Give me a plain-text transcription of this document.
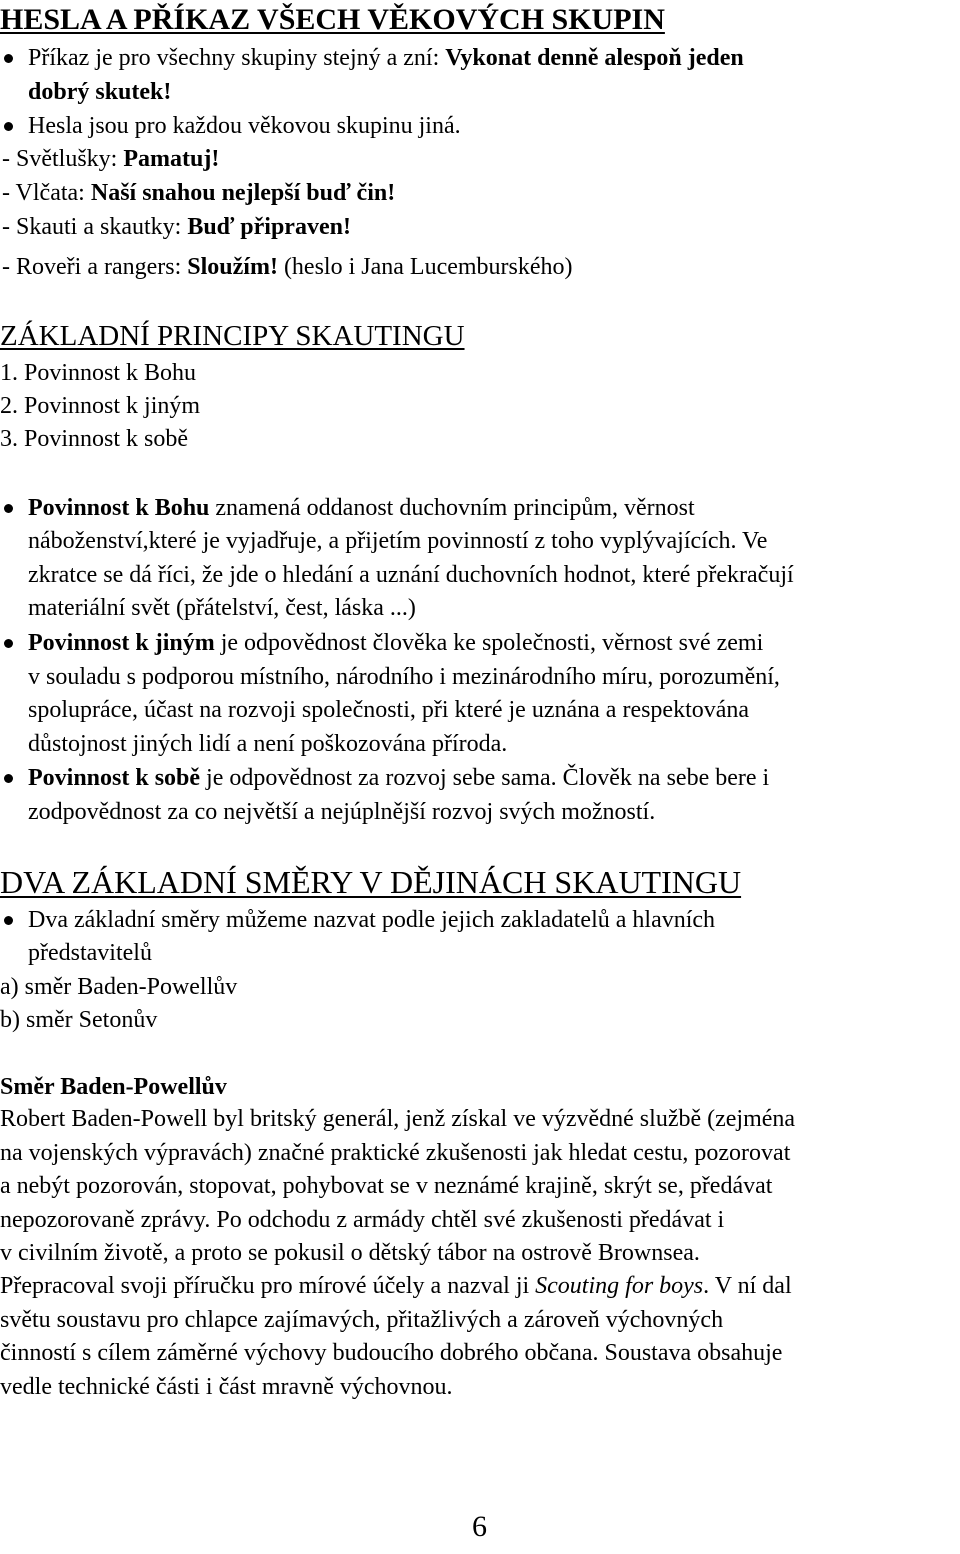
HESLA A PŘÍKAZ VŠECH VĚKOVÝCH SKUPIN
Příkaz je pro všechny skupiny stejný a zní: Vykonat denně alespoň jeden
dobrý skutek!
Hesla jsou pro každou věkovou skupinu jiná.
- Světlušky: Pamatuj!
- Vlčata: Naší snahou nejlepší buď čin!
- Skauti a skautky: Buď připraven!
- Roveři a rangers: Sloužím! (heslo i Jana Lucemburského)
ZÁKLADNÍ PRINCIPY SKAUTINGU
1. Povinnost k Bohu
2. Povinnost k jiným
3. Povinnost k sobě
Povinnost k Bohu znamená oddanost duchovním principům, věrnost
náboženství,které je vyjadřuje, a přijetím povinností z toho vyplývajících. Ve
zkratce se dá říci, že jde o hledání a uznání duchovních hodnot, které překračují
materiální svět (přátelství, čest, láska ...)
Povinnost k jiným je odpovědnost člověka ke společnosti, věrnost své zemi
v souladu s podporou místního, národního i mezinárodního míru, porozumění,
spolupráce, účast na rozvoji společnosti, při které je uznána a respektována
důstojnost jiných lidí a není poškozována příroda.
Povinnost k sobě je odpovědnost za rozvoj sebe sama. Člověk na sebe bere i
zodpovědnost za co největší a nejúplnější rozvoj svých možností.
DVA ZÁKLADNÍ SMĚRY V DĚJINÁCH SKAUTINGU
Dva základní směry můžeme nazvat podle jejich zakladatelů a hlavních
představitelů
a) směr Baden-Powellův
b) směr Setonův
Směr Baden-Powellův
Robert Baden-Powell byl britský generál, jenž získal ve výzvědné službě (zejména
na vojenských výpravách) značné praktické zkušenosti jak hledat cestu, pozorovat
a nebýt pozorován, stopovat, pohybovat se v neznámé krajině, skrýt se, předávat
nepozorovaně zprávy. Po odchodu z armády chtěl své zkušenosti předávat i
v civilním životě, a proto se pokusil o dětský tábor na ostrově Brownsea.
Přepracoval svoji příručku pro mírové účely a nazval ji Scouting for boys. V ní dal
světu soustavu pro chlapce zajímavých, přitažlivých a zároveň výchovných
činností s cílem záměrné výchovy budoucího dobrého občana. Soustava obsahuje
vedle technické části i část mravně výchovnou.
6
